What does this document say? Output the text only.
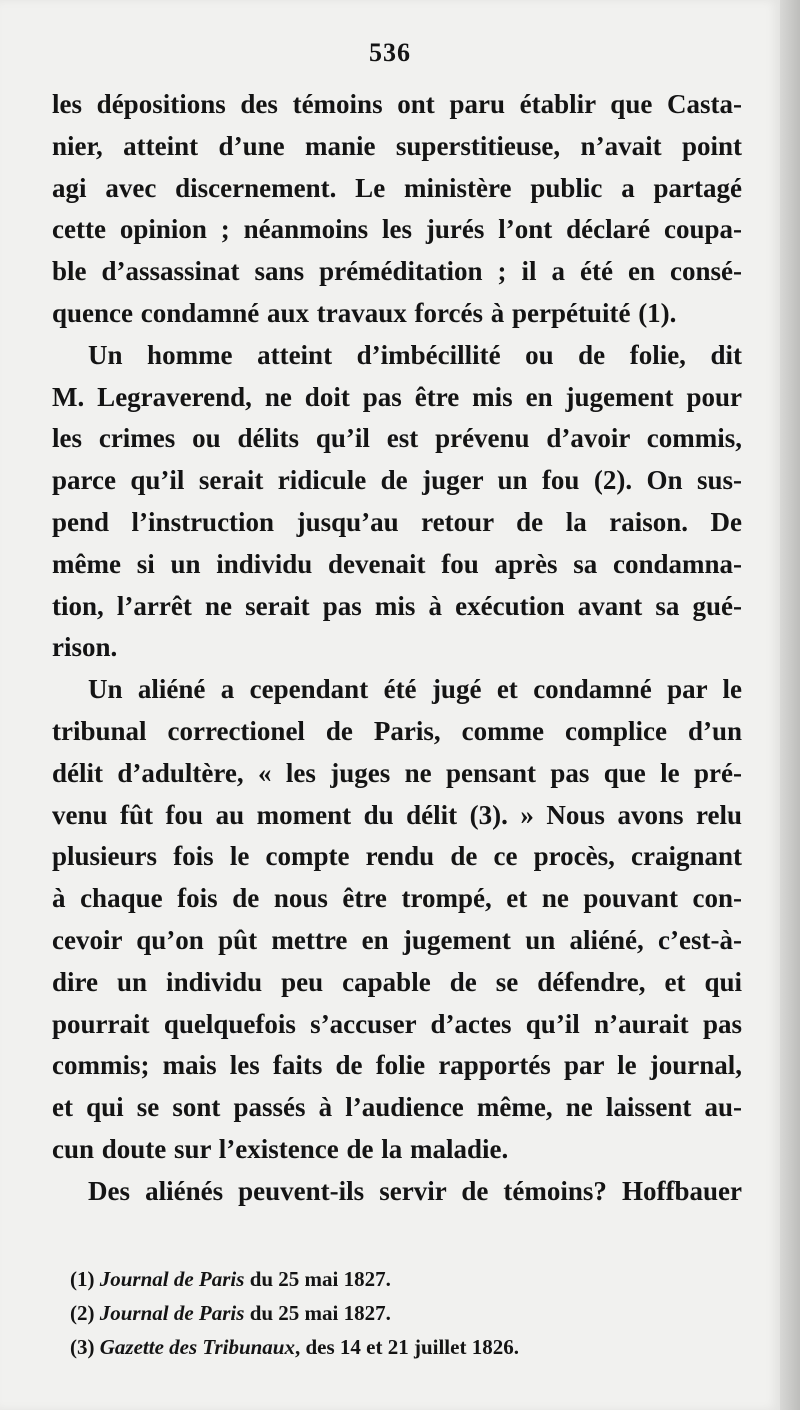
536
les dépositions des témoins ont paru établir que Casta-
nier, atteint d’une manie superstitieuse, n’avait point
agi avec discernement. Le ministère public a partagé
cette opinion ; néanmoins les jurés l’ont déclaré coupa-
ble d’assassinat sans préméditation ; il a été en consé-
quence condamné aux travaux forcés à perpétuité (1).
Un homme atteint d’imbécillité ou de folie, dit
M. Legraverend, ne doit pas être mis en jugement pour
les crimes ou délits qu’il est prévenu d’avoir commis,
parce qu’il serait ridicule de juger un fou (2). On sus-
pend l’instruction jusqu’au retour de la raison. De
même si un individu devenait fou après sa condamna-
tion, l’arrêt ne serait pas mis à exécution avant sa gué-
rison.
Un aliéné a cependant été jugé et condamné par le
tribunal correctionel de Paris, comme complice d’un
délit d’adultère, « les juges ne pensant pas que le pré-
venu fût fou au moment du délit (3). » Nous avons relu
plusieurs fois le compte rendu de ce procès, craignant
à chaque fois de nous être trompé, et ne pouvant con-
cevoir qu’on pût mettre en jugement un aliéné, c’est-à-
dire un individu peu capable de se défendre, et qui
pourrait quelquefois s’accuser d’actes qu’il n’aurait pas
commis; mais les faits de folie rapportés par le journal,
et qui se sont passés à l’audience même, ne laissent au-
cun doute sur l’existence de la maladie.
Des aliénés peuvent-ils servir de témoins? Hoffbauer
(1) Journal de Paris du 25 mai 1827.
(2) Journal de Paris du 25 mai 1827.
(3) Gazette des Tribunaux, des 14 et 21 juillet 1826.
